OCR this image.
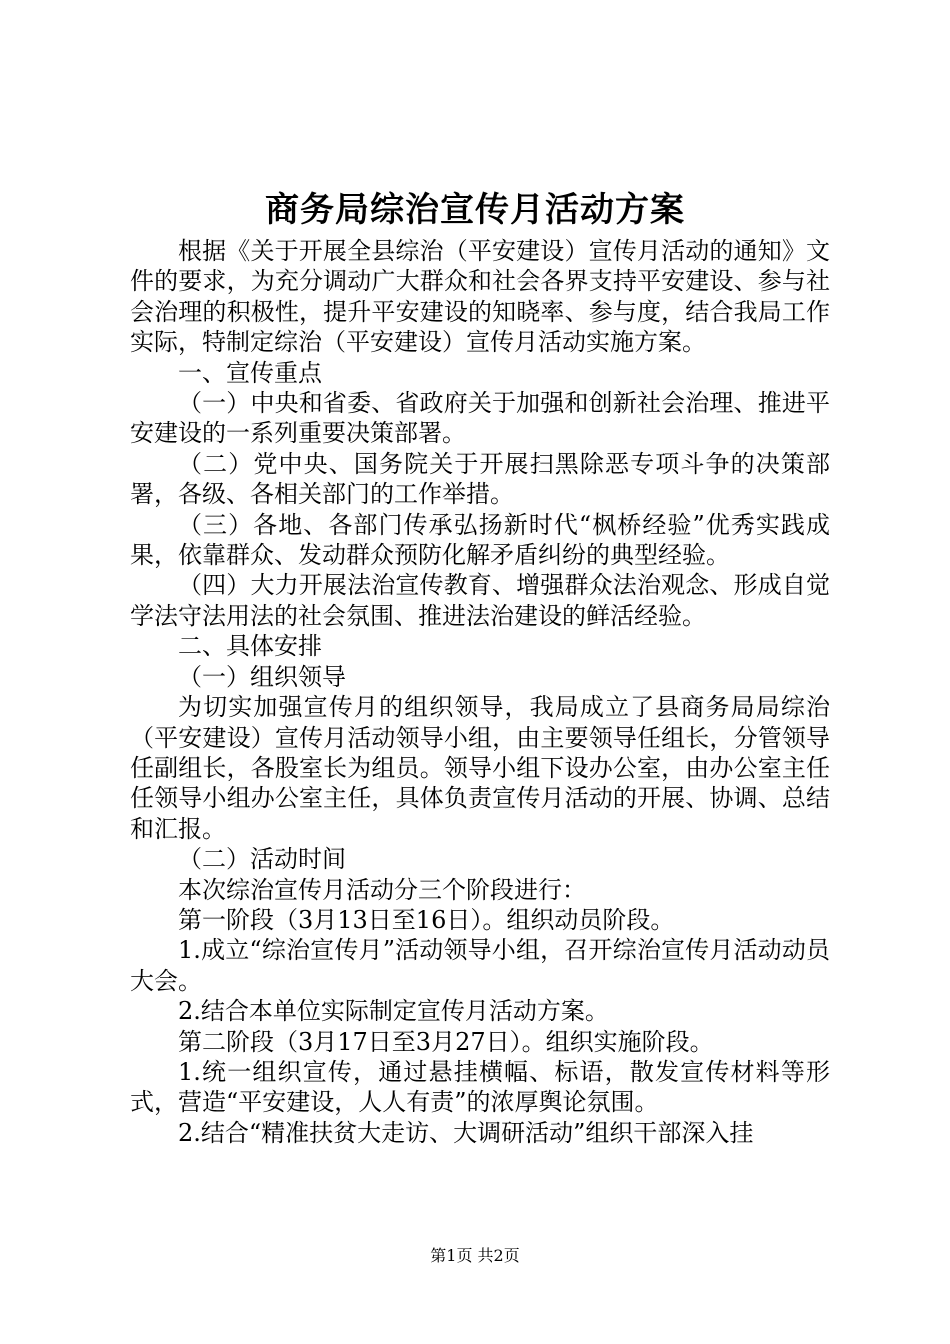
商务局综治宣传月活动方案

根据《关于开展全县综治（平安建设）宣传月活动的通知》文件的要求，为充分调动广大群众和社会各界支持平安建设、参与社会治理的积极性，提升平安建设的知晓率、参与度，结合我局工作实际，特制定综治（平安建设）宣传月活动实施方案。

一、宣传重点

（一）中央和省委、省政府关于加强和创新社会治理、推进平安建设的一系列重要决策部署。

（二）党中央、国务院关于开展扫黑除恶专项斗争的决策部署，各级、各相关部门的工作举措。

（三）各地、各部门传承弘扬新时代“枫桥经验”优秀实践成果，依靠群众、发动群众预防化解矛盾纠纷的典型经验。

（四）大力开展法治宣传教育、增强群众法治观念、形成自觉学法守法用法的社会氛围、推进法治建设的鲜活经验。

二、具体安排

（一）组织领导

为切实加强宣传月的组织领导，我局成立了县商务局局综治（平安建设）宣传月活动领导小组，由主要领导任组长，分管领导任副组长，各股室长为组员。领导小组下设办公室，由办公室主任任领导小组办公室主任，具体负责宣传月活动的开展、协调、总结和汇报。

（二）活动时间

本次综治宣传月活动分三个阶段进行：

第一阶段（3月13日至16日）。组织动员阶段。

1.成立“综治宣传月”活动领导小组，召开综治宣传月活动动员大会。

2.结合本单位实际制定宣传月活动方案。

第二阶段（3月17日至3月27日）。组织实施阶段。

1.统一组织宣传，通过悬挂横幅、标语，散发宣传材料等形式，营造“平安建设，人人有责”的浓厚舆论氛围。

2.结合“精准扶贫大走访、大调研活动”组织干部深入挂

第1页 共2页
